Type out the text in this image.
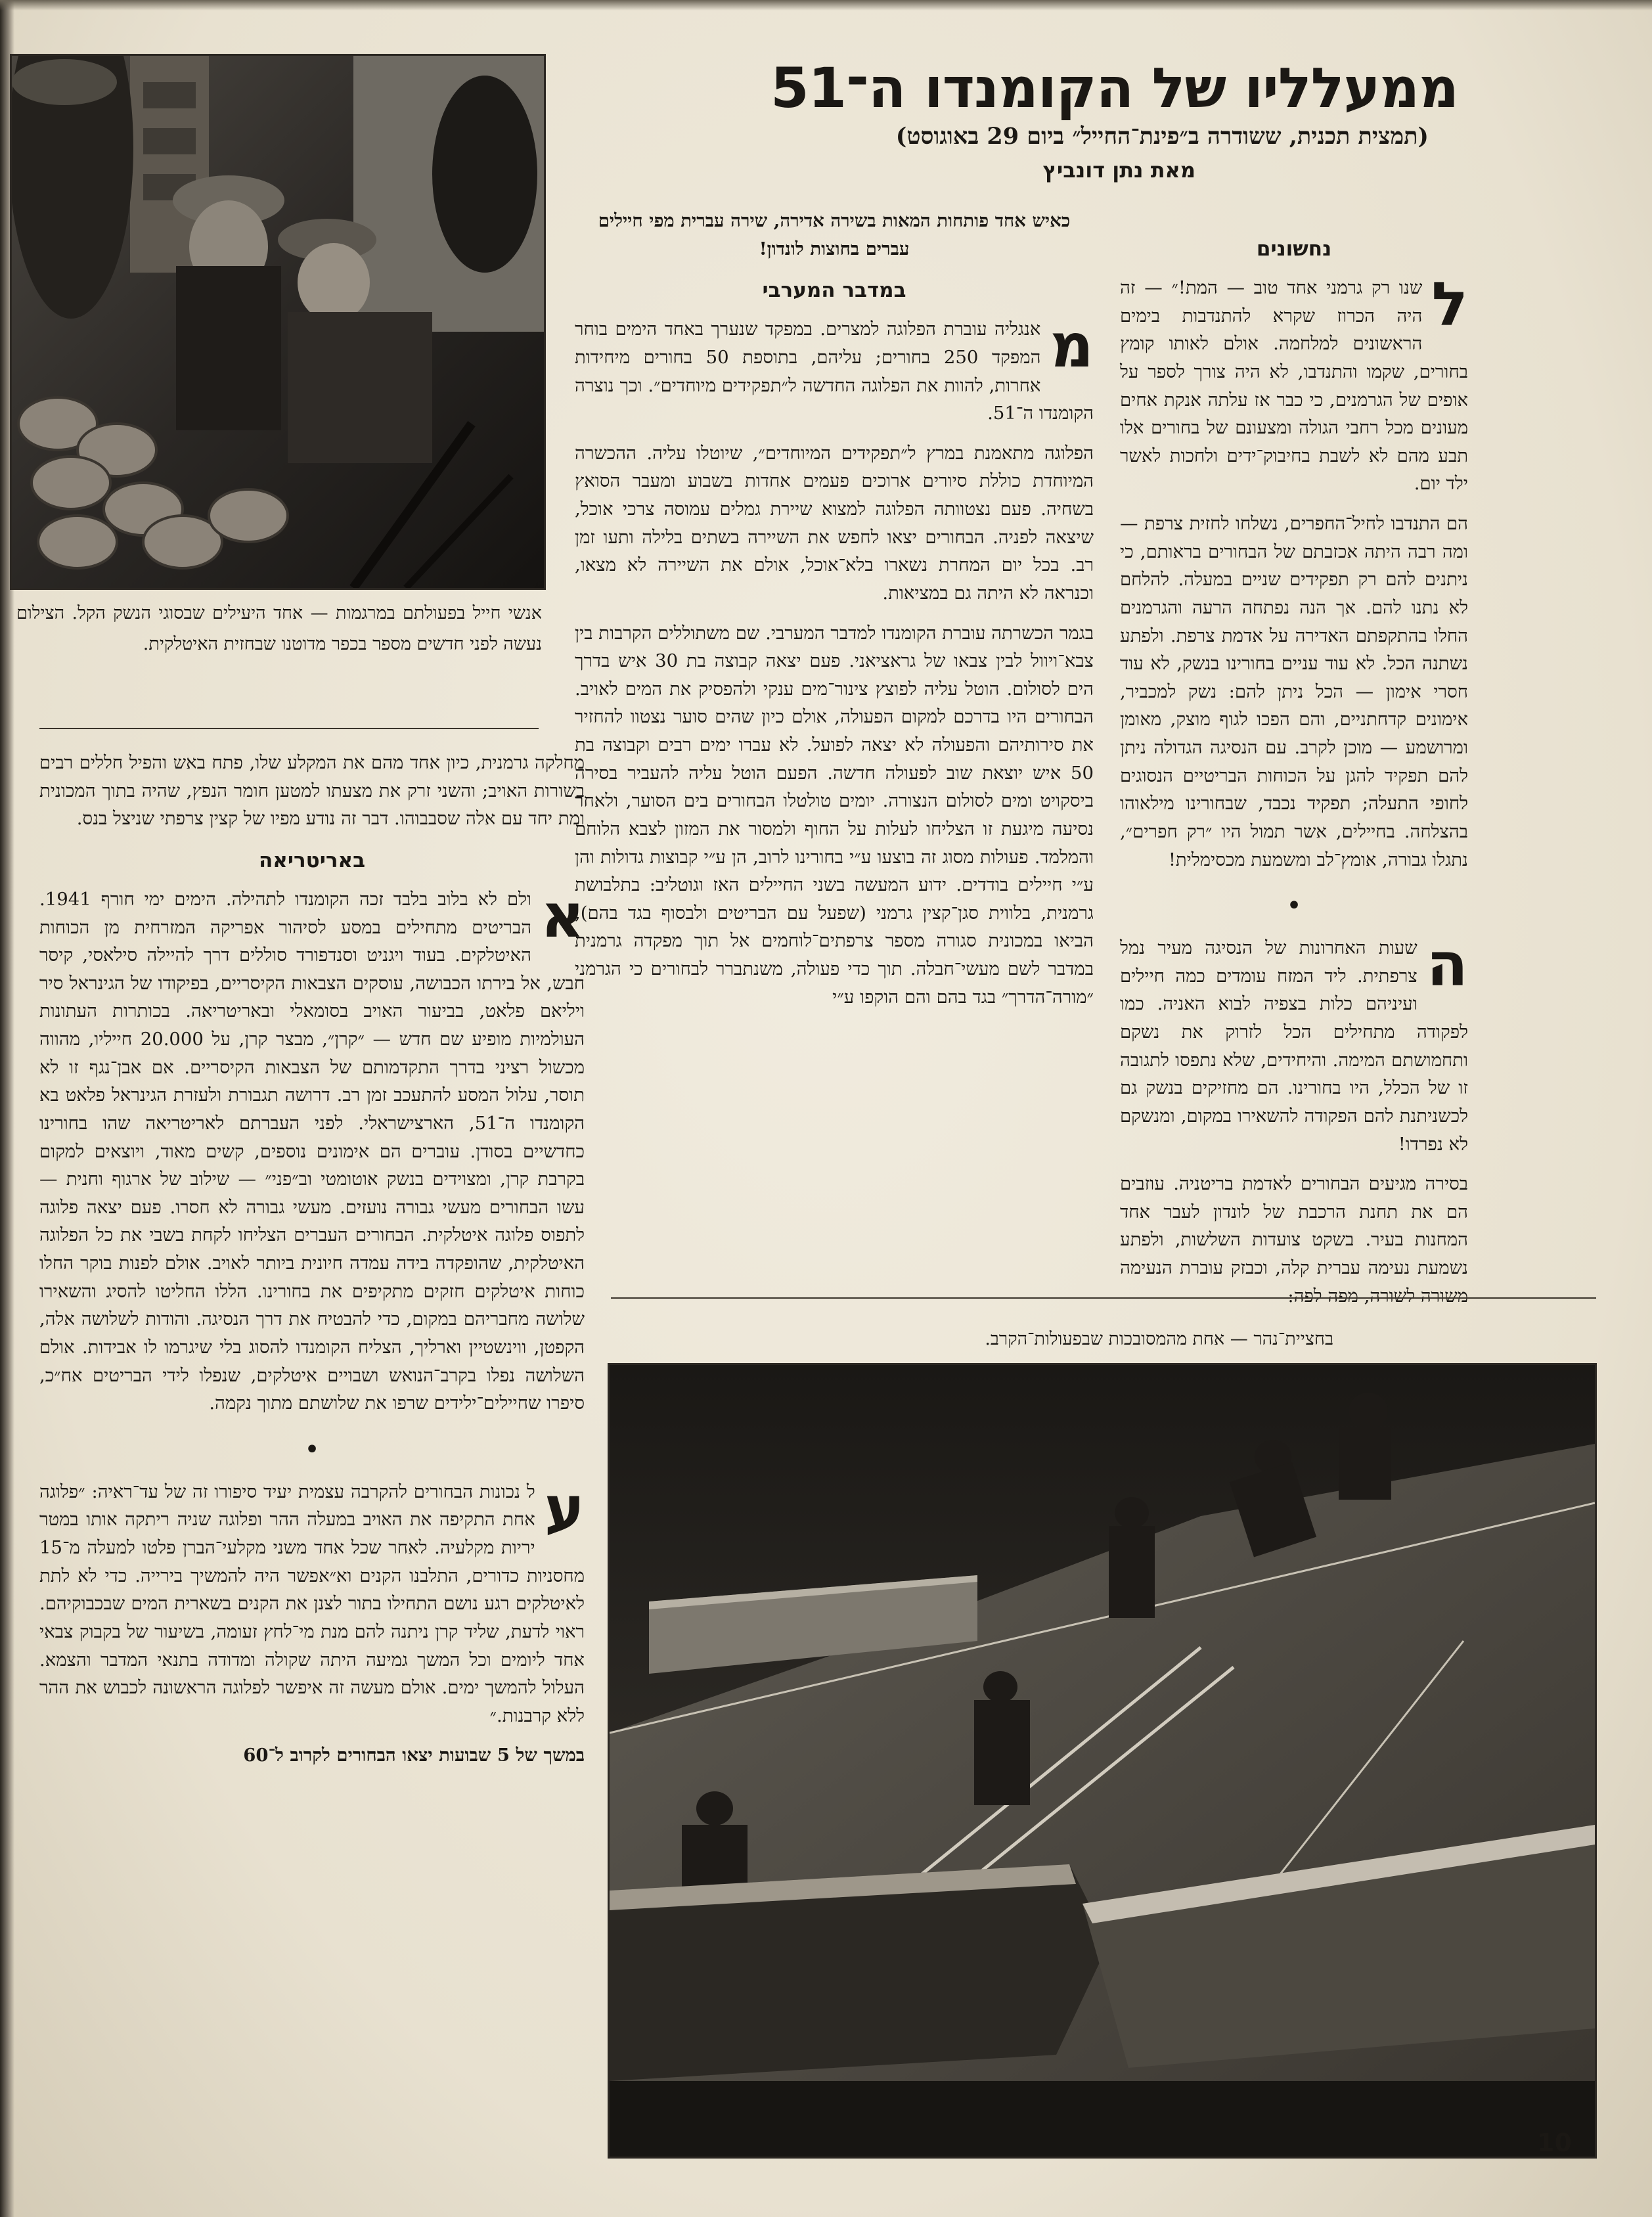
אנשי חייל בפעולתם במרגמות — אחד היעילים שבסוגי הנשק הקל. הצילום נעשה לפני חדשים מספר בכפר מדוטנו שבחזית האיטלקית.
ממעלליו של הקומנדו ה־51
(תמצית תכנית, ששודרה ב״פינת־החייל״ ביום 29 באוגוסט)
מאת נתן דונביץ
נחשונים

ל
שנו רק גרמני אחד טוב — המת!״ — זה היה הכרוז שקרא להתנדבות בימים הראשונים למלחמה. אולם לאותו קומץ בחורים, שקמו והתנדבו, לא היה צורך לספר על אופים של הגרמנים, כי כבר אז עלתה אנקת אחים מעונים מכל רחבי הגולה ומצעונם של בחורים אלו תבע מהם לא לשבת בחיבוק־ידים ולחכות לאשר ילד יום.

הם התנדבו לחיל־החפרים, נשלחו לחזית צרפת — ומה רבה היתה אכזבתם של הבחורים בראותם, כי ניתנים להם רק תפקידים שניים במעלה. להלחם לא נתנו להם. אך הנה נפתחה הרעה והגרמנים החלו בהתקפתם האדירה על אדמת צרפת. ולפתע נשתנה הכל. לא עוד עניים בחורינו בנשק, לא עוד חסרי אימון — הכל ניתן להם: נשק למכביר, אימונים קדחתניים, והם הפכו לגוף מוצק, מאומן ומרושמע — מוכן לקרב. עם הנסיגה הגדולה ניתן להם תפקיד להגן על הכוחות הבריטיים הנסוגים לחופי התעלה; תפקיד נכבד, שבחורינו מילאוהו בהצלחה. בחיילים, אשר תמול היו ״רק חפרים״, נתגלו גבורה, אומץ־לב ומשמעת מכסימלית!

•

ה
שעות האחרונות של הנסיגה מעיר נמל צרפתית. ליד המזח עומדים כמה חיילים ועיניהם כלות בצפיה לבוא האניה. כמו לפקודה מתחילים הכל לזרוק את נשקם ותחמושתם המימה. והיחידים, שלא נתפסו לתגובה זו של הכלל, היו בחורינו. הם מחזיקים בנשק גם לכשניתנת להם הפקודה להשאירו במקום, ומנשקם לא נפרדו!

בסירה מגיעים הבחורים לאדמת בריטניה. עוזבים הם את תחנת הרכבת של לונדון לעבר אחד המחנות בעיר. בשקט צועדות השלשות, ולפתע נשמעת נעימה עברית קלה, וכבזק עוברת הנעימה משורה לשורה, מפה לפה:

כאיש אחד פותחות המאות בשירה אדירה, שירה עברית מפי חיילים עברים בחוצות לונדון!

במדבר המערבי

מ
אנגליה עוברת הפלוגה למצרים. במפקד שנערך באחד הימים בוחר המפקד 250 בחורים; עליהם, בתוספת 50 בחורים מיחידות אחרות, להוות את הפלוגה החדשה ל״תפקידים מיוחדים״. וכך נוצרה הקומנדו ה־51.

הפלוגה מתאמנת במרץ ל״תפקידים המיוחדים״, שיוטלו עליה. ההכשרה המיוחדת כוללת סיורים ארוכים פעמים אחדות בשבוע ומעבר הסואץ בשחיה. פעם נצטוותה הפלוגה למצוא שיירת גמלים עמוסה צרכי אוכל, שיצאה לפניה. הבחורים יצאו לחפש את השיירה בשתים בלילה ותעו זמן רב. בכל יום המחרת נשארו בלא־אוכל, אולם את השיירה לא מצאו, וכנראה לא היתה גם במציאות.

בגמר הכשרתה עוברת הקומנדו למדבר המערבי. שם משתוללים הקרבות בין צבא־ויוול לבין צבאו של גראציאני. פעם יצאה קבוצה בת 30 איש בדרך הים לסולום. הוטל עליה לפוצץ צינור־מים ענקי ולהפסיק את המים לאויב. הבחורים היו בדרכם למקום הפעולה, אולם כיון שהים סוער נצטוו להחזיר את סירותיהם והפעולה לא יצאה לפועל. לא עברו ימים רבים וקבוצה בת 50 איש יוצאת שוב לפעולה חדשה. הפעם הוטל עליה להעביר בסירה ביסקויט ומים לסולום הנצורה. יומים טולטלו הבחורים בים הסוער, ולאחר נסיעה מיגעת זו הצליחו לעלות על החוף ולמסור את המזון לצבא הלוחם והמלמד. פעולות מסוג זה בוצעו ע״י בחורינו לרוב, הן ע״י קבוצות גדולות והן ע״י חיילים בודדים. ידוע המעשה בשני החיילים האז וגוטליב: בתלבושת גרמנית, בלווית סגן־קצין גרמני (שפעל עם הבריטים ולבסוף בגד בהם), הביאו במכונית סגורה מספר צרפתים־לוחמים אל תוך מפקדה גרמנית במדבר לשם מעשי־חבלה. תוך כדי פעולה, משנתברר לבחורים כי הגרמני ״מורה־הדרך״ בגד בהם והם הוקפו ע״י

בחציית־נהר — אחת מהמסובכות שבפעולות־הקרב.

מחלקה גרמנית, כיון אחד מהם את המקלע שלו, פתח באש והפיל חללים רבים בשורות האויב; והשני זרק את מצעתו למטען חומר הנפץ, שהיה בתוך המכונית ומת יחד עם אלה שסבבוהו. דבר זה נודע מפיו של קצין צרפתי שניצל בנס.

באריטריאה

א
ולם לא בלוב בלבד זכה הקומנדו לתהילה. הימים ימי חורף 1941. הבריטים מתחילים במסע לסיהור אפריקה המזרחית מן הכוחות האיטלקים. בעוד ויגניט וסנדפורד סוללים דרך להיילה סילאסי, קיסר חבש, אל בירתו הכבושה, עוסקים הצבאות הקיסריים, בפיקודו של הגינראל סיר ויליאם פלאט, בביעור האויב בסומאלי ובאריטריאה. בכותרות העתונות העולמיות מופיע שם חדש — ״קרן״, מבצר קרן, על 20.000 חייליו, מהווה מכשול רציני בדרך התקדמותם של הצבאות הקיסריים. אם אבן־נגף זו לא תוסר, עלול המסע להתעכב זמן רב. דרושה תגבורת ולעזרת הגינראל פלאט בא הקומנדו ה־51, הארצישראלי. לפני העברתם לאריטריאה שהו בחורינו כחדשיים בסודן. עוברים הם אימונים נוספים, קשים מאוד, ויוצאים למקום בקרבת קרן, ומצוידים בנשק אוטומטי וב״פני״ — שילוב של ארגוף וחנית — עשו הבחורים מעשי גבורה נועזים. מעשי גבורה לא חסרו. פעם יצאה פלוגה לתפוס פלוגה איטלקית. הבחורים העברים הצליחו לקחת בשבי את כל הפלוגה האיטלקית, שהופקדה בידה עמדה חיונית ביותר לאויב. אולם לפנות בוקר החלו כוחות איטלקים חזקים מתקיפים את בחורינו. הללו החליטו להסיג והשאירו שלושה מחבריהם במקום, כדי להבטיח את דרך הנסיגה. והודות לשלושה אלה, הקפטן, ווינשטיין וארליך, הצליח הקומנדו להסוג בלי שיגרמו לו אבידות. אולם השלושה נפלו בקרב־הנואש ושבויים איטלקים, שנפלו לידי הבריטים אח״כ, סיפרו שחיילים־ילידים שרפו את שלושתם מתוך נקמה.

•

ע
ל נכונות הבחורים להקרבה עצמית יעיד סיפורו זה של עד־ראיה: ״פלוגה אחת התקיפה את האויב במעלה ההר ופלוגה שניה ריתקה אותו במטר יריות מקלעיה. לאחר שכל אחד משני מקלעי־הברן פלטו למעלה מ־15 מחסניות כדורים, התלבנו הקנים וא״אפשר היה להמשיך בירייה. כדי לא לתת לאיטלקים רגע נושם התחילו בתור לצנן את הקנים בשארית המים שבכבוקיהם. ראוי לדעת, שליד קרן ניתנה להם מנת מי־לחץ זעומה, בשיעור של בקבוק צבאי אחד ליומים וכל המשך גמיעה היתה שקולה ומדודה בתנאי המדבר והצמא. העלול להמשך ימים. אולם מעשה זה איפשר לפלוגה הראשונה לכבוש את ההר ללא קרבנות.״

במשך של 5 שבועות יצאו הבחורים לקרוב ל־60

10
